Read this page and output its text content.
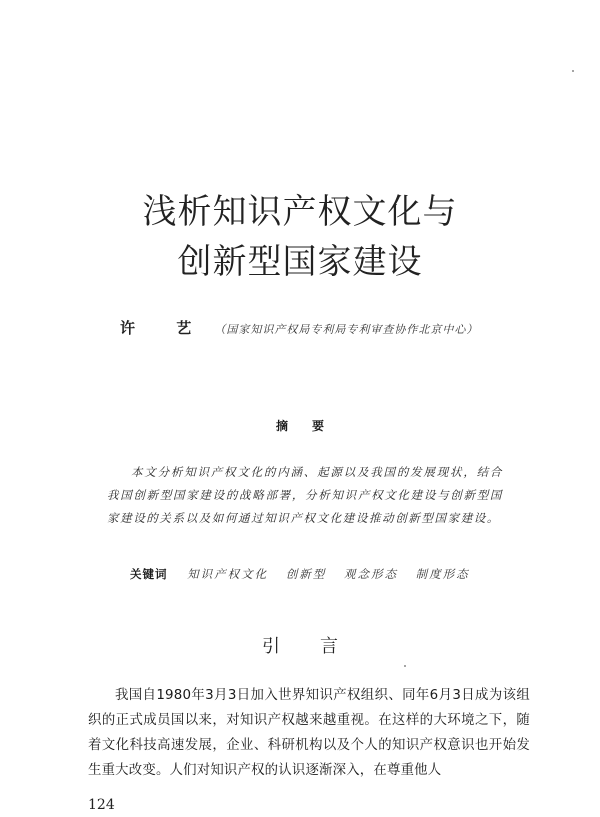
浅析知识产权文化与
创新型国家建设
许 艺 （国家知识产权局专利局专利审查协作北京中心）
摘要
本文分析知识产权文化的内涵、起源以及我国的发展现状，结合我国创新型国家建设的战略部署，分析知识产权文化建设与创新型国家建设的关系以及如何通过知识产权文化建设推动创新型国家建设。
关键词 知识产权文化 创新型 观念形态 制度形态
引言
我国自1980年3月3日加入世界知识产权组织、同年6月3日成为该组织的正式成员国以来，对知识产权越来越重视。在这样的大环境之下，随着文化科技高速发展，企业、科研机构以及个人的知识产权意识也开始发生重大改变。人们对知识产权的认识逐渐深入，在尊重他人
124
